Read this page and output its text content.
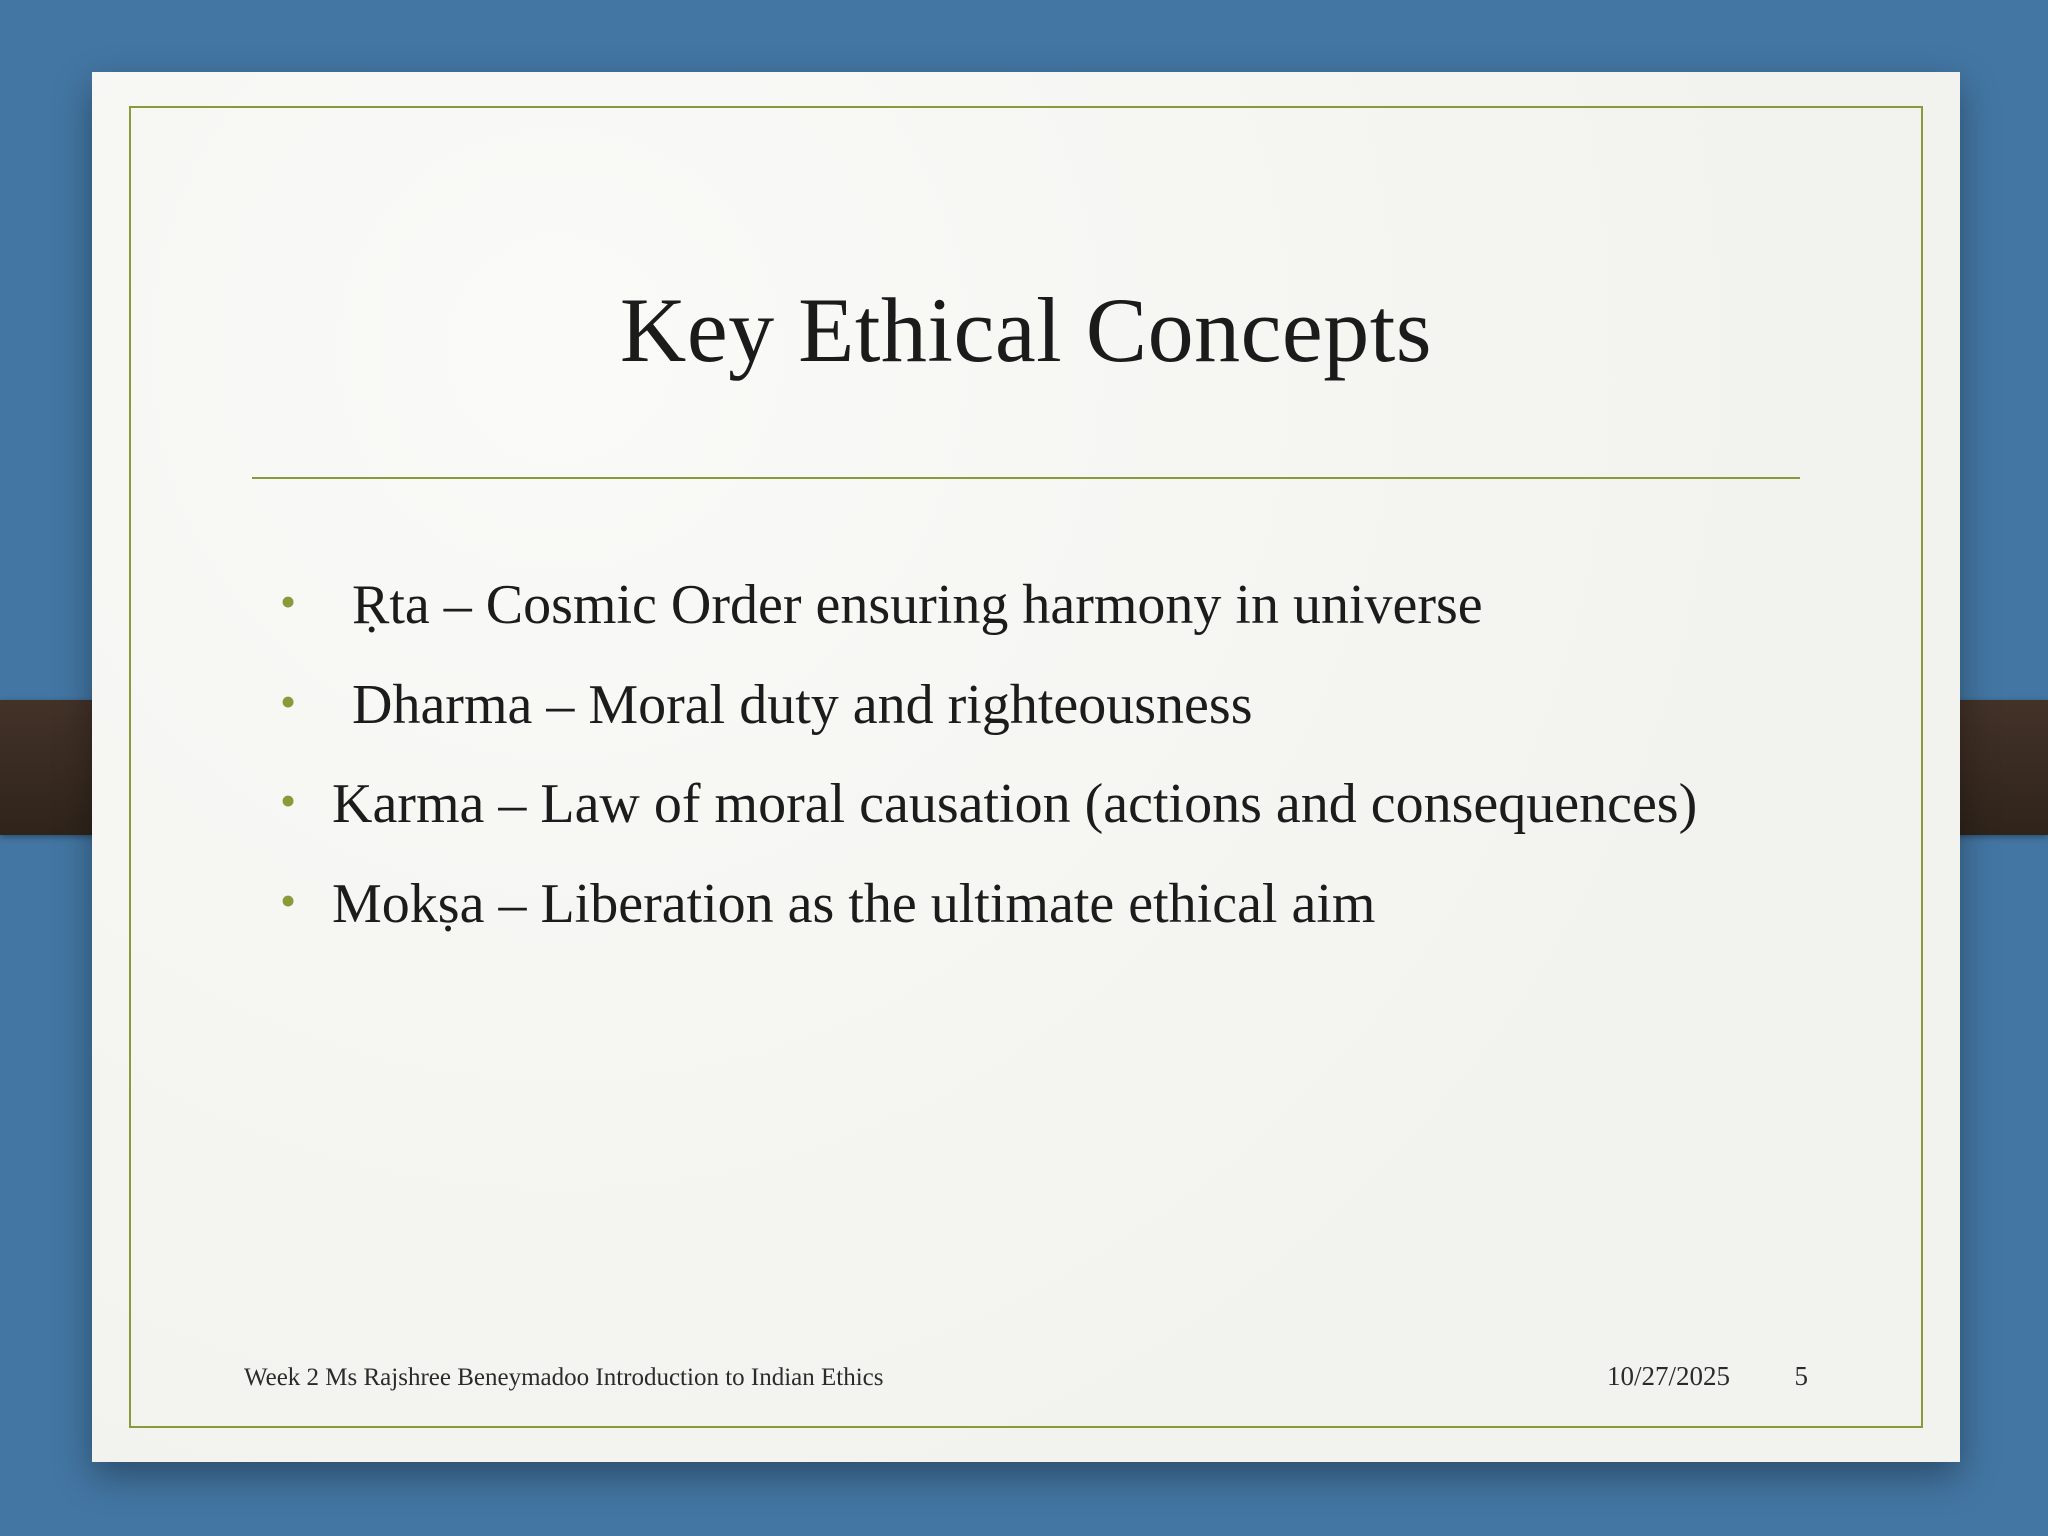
Key Ethical Concepts
• Ṛta – Cosmic Order ensuring harmony in universe
• Dharma – Moral duty and righteousness
• Karma – Law of moral causation (actions and consequences)
• Mokṣa – Liberation as the ultimate ethical aim
Week 2 Ms Rajshree Beneymadoo Introduction to Indian Ethics	10/27/2025 5
